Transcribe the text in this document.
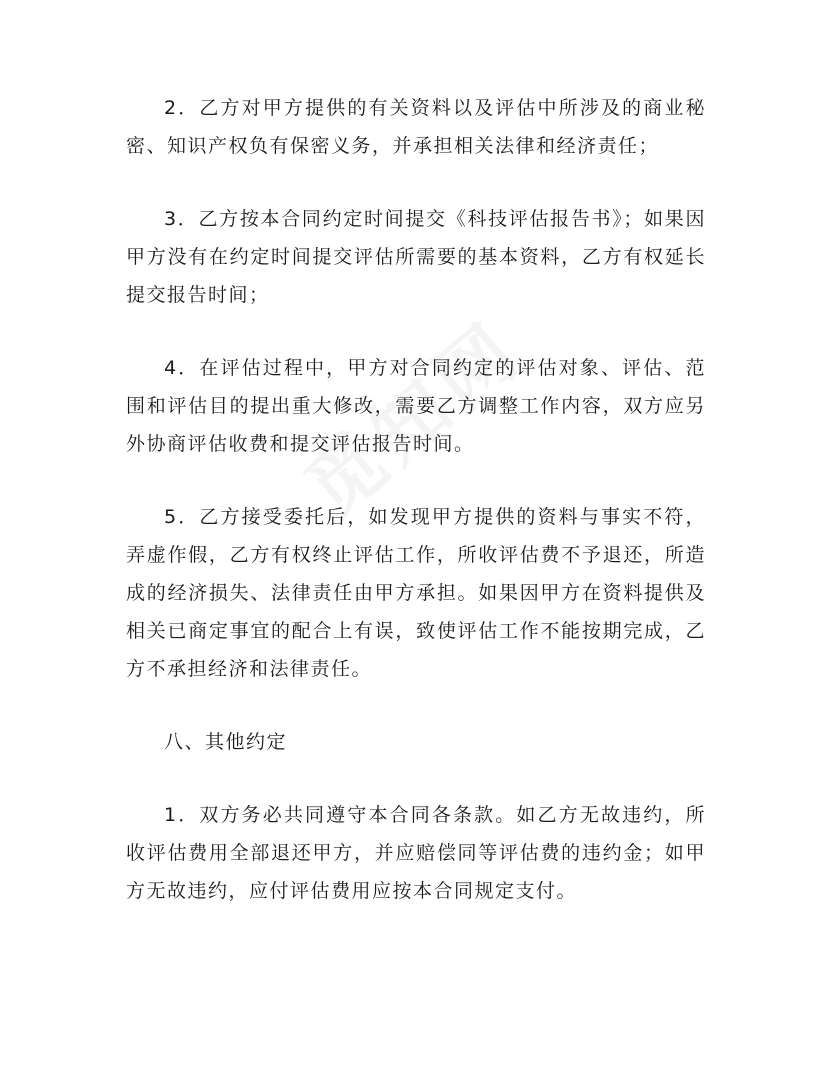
2．乙方对甲方提供的有关资料以及评估中所涉及的商业秘密、知识产权负有保密义务，并承担相关法律和经济责任；

3．乙方按本合同约定时间提交《科技评估报告书》；如果因甲方没有在约定时间提交评估所需要的基本资料，乙方有权延长提交报告时间；

4．在评估过程中，甲方对合同约定的评估对象、评估、范围和评估目的提出重大修改，需要乙方调整工作内容，双方应另外协商评估收费和提交评估报告时间。

5．乙方接受委托后，如发现甲方提供的资料与事实不符，弄虚作假，乙方有权终止评估工作，所收评估费不予退还，所造成的经济损失、法律责任由甲方承担。如果因甲方在资料提供及相关已商定事宜的配合上有误，致使评估工作不能按期完成，乙方不承担经济和法律责任。

八、其他约定

1．双方务必共同遵守本合同各条款。如乙方无故违约，所收评估费用全部退还甲方，并应赔偿同等评估费的违约金；如甲方无故违约，应付评估费用应按本合同规定支付。
